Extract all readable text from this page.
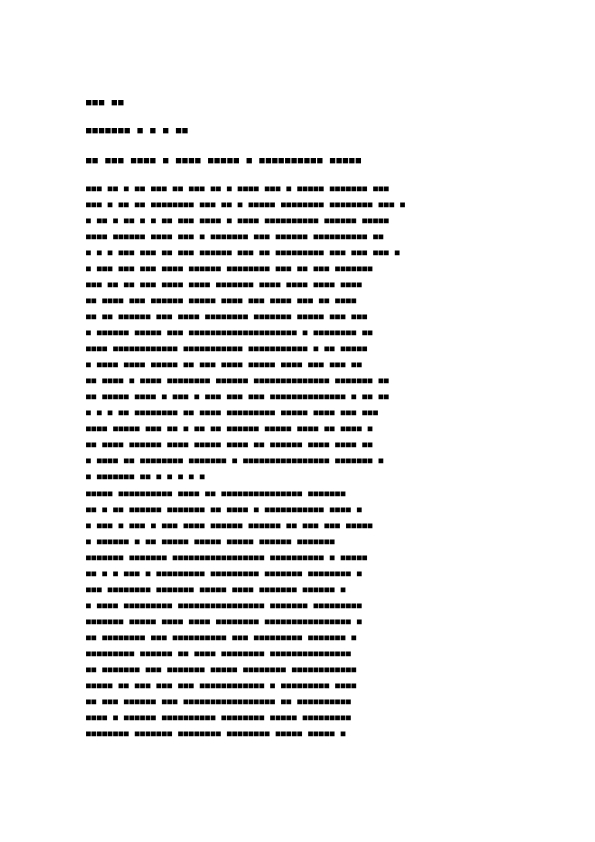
■■■ ■■
■■■■■■■ ■ ■ ■ ■■
■■ ■■■ ■■■■ ■ ■■■■ ■■■■■ ■ ■■■■■■■■■■ ■■■■■
■■■ ■■ ■ ■■ ■■■ ■■ ■■■ ■■ ■ ■■■■ ■■■ ■ ■■■■■ ■■■■■■■ ■■■
■■■ ■ ■■ ■■ ■■■■■■■■ ■■■ ■■ ■ ■■■■■ ■■■■■■■■ ■■■■■■■■ ■■■ ■
■ ■■ ■ ■■ ■ ■ ■■ ■■■ ■■■■ ■ ■■■■ ■■■■■■■■■■ ■■■■■■ ■■■■■
■■■■ ■■■■■■ ■■■■ ■■■ ■ ■■■■■■■ ■■■ ■■■■■■ ■■■■■■■■■■ ■■
■ ■ ■ ■■■ ■■■ ■■ ■■■ ■■■■■■ ■■■ ■■ ■■■■■■■■■ ■■■ ■■■ ■■■ ■
■ ■■■ ■■■ ■■■ ■■■■ ■■■■■■ ■■■■■■■■ ■■■ ■■ ■■■ ■■■■■■■
■■■ ■■ ■■ ■■■ ■■■■ ■■■■ ■■■■■■■ ■■■■ ■■■■ ■■■■ ■■■■
■■ ■■■■ ■■■ ■■■■■■ ■■■■■ ■■■■ ■■■ ■■■■ ■■■ ■■ ■■■■
■■ ■■ ■■■■■■ ■■■ ■■■■ ■■■■■■■■ ■■■■■■■ ■■■■■ ■■■ ■■■
■ ■■■■■■ ■■■■■ ■■■ ■■■■■■■■■■■■■■■■■■■■ ■ ■■■■■■■■ ■■
■■■■ ■■■■■■■■■■■■ ■■■■■■■■■■■ ■■■■■■■■■■■ ■ ■■ ■■■■■
■ ■■■■ ■■■■ ■■■■■ ■■ ■■■ ■■■■ ■■■■■ ■■■■ ■■■ ■■■ ■■
■■ ■■■■ ■ ■■■■ ■■■■■■■■ ■■■■■■ ■■■■■■■■■■■■■■ ■■■■■■■ ■■
■■ ■■■■■ ■■■■ ■ ■■■ ■ ■■■ ■■■ ■■■ ■■■■■■■■■■■■■■ ■ ■■ ■■
■ ■ ■ ■■ ■■■■■■■■ ■■ ■■■■ ■■■■■■■■■ ■■■■■ ■■■■ ■■■ ■■■
■■■■ ■■■■■ ■■■ ■■ ■ ■■ ■■ ■■■■■■ ■■■■■ ■■■■ ■■ ■■■■ ■
■■ ■■■■ ■■■■■■ ■■■■ ■■■■■ ■■■■ ■■ ■■■■■■ ■■■■ ■■■■ ■■
■ ■■■■ ■■ ■■■■■■■■ ■■■■■■■ ■ ■■■■■■■■■■■■■■■■ ■■■■■■■ ■
■ ■■■■■■■ ■■ ■ ■ ■ ■ ■
■■■■■ ■■■■■■■■■■ ■■■■ ■■ ■■■■■■■■■■■■■■■ ■■■■■■■
■■ ■ ■■ ■■■■■■ ■■■■■■■ ■■ ■■■■ ■ ■■■■■■■■■■■ ■■■■ ■
■ ■■■ ■ ■■■ ■ ■■■ ■■■■ ■■■■■■ ■■■■■■ ■■ ■■■ ■■■ ■■■■■
■ ■■■■■■ ■ ■■ ■■■■■ ■■■■■ ■■■■■ ■■■■■■ ■■■■■■■
■■■■■■■ ■■■■■■■ ■■■■■■■■■■■■■■■■■ ■■■■■■■■■■ ■ ■■■■■
■■ ■ ■ ■■■ ■ ■■■■■■■■■ ■■■■■■■■■ ■■■■■■■ ■■■■■■■■ ■
■■■ ■■■■■■■■ ■■■■■■■ ■■■■■ ■■■■ ■■■■■■■ ■■■■■■ ■
■ ■■■■ ■■■■■■■■■ ■■■■■■■■■■■■■■■■ ■■■■■■■ ■■■■■■■■■
■■■■■■■ ■■■■■ ■■■■ ■■■■ ■■■■■■■■ ■■■■■■■■■■■■■■■■ ■
■■ ■■■■■■■■ ■■■ ■■■■■■■■■■ ■■■ ■■■■■■■■■ ■■■■■■■ ■
■■■■■■■■■ ■■■■■■ ■■ ■■■■ ■■■■■■■■ ■■■■■■■■■■■■■■■
■■ ■■■■■■■ ■■■ ■■■■■■■ ■■■■■ ■■■■■■■■ ■■■■■■■■■■■■
■■■■■ ■■ ■■■ ■■■ ■■■ ■■■■■■■■■■■■ ■ ■■■■■■■■■ ■■■■
■■ ■■■ ■■■■■■ ■■■ ■■■■■■■■■■■■■■■■■ ■■ ■■■■■■■■■■
■■■■ ■ ■■■■■■ ■■■■■■■■■■ ■■■■■■■■ ■■■■■ ■■■■■■■■■
■■■■■■■■ ■■■■■■■ ■■■■■■■■ ■■■■■■■■ ■■■■■ ■■■■■ ■
